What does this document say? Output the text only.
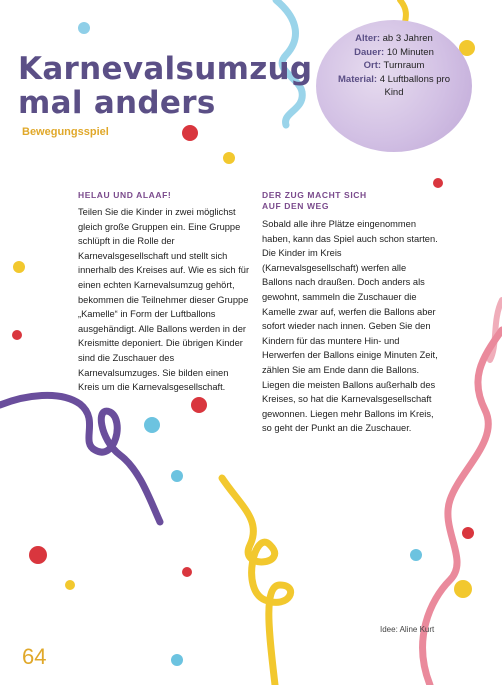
Karnevalsumzug
mal anders
Bewegungsspiel
Alter: ab 3 Jahren
Dauer: 10 Minuten
Ort: Turnraum
Material: 4 Luftballons pro Kind
HELAU UND ALAAF!

Teilen Sie die Kinder in zwei möglichst gleich große Gruppen ein. Eine Gruppe schlüpft in die Rolle der Karnevalsgesellschaft und stellt sich innerhalb des Kreises auf. Wie es sich für einen echten Karnevalsumzug gehört, bekommen die Teilnehmer dieser Gruppe „Kamelle“ in Form der Luftballons ausgehändigt. Alle Ballons werden in der Kreismitte deponiert. Die übrigen Kinder sind die Zuschauer des Karnevalsumzuges. Sie bilden einen Kreis um die Karnevalsgesellschaft.

DER ZUG MACHT SICH
AUF DEN WEG

Sobald alle ihre Plätze eingenommen haben, kann das Spiel auch schon starten. Die Kinder im Kreis (Karnevalsgesellschaft) werfen alle Ballons nach draußen. Doch anders als gewohnt, sammeln die Zuschauer die Kamelle zwar auf, werfen die Ballons aber sofort wieder nach innen. Geben Sie den Kindern für das muntere Hin- und Herwerfen der Ballons einige Minuten Zeit, zählen Sie am Ende dann die Ballons. Liegen die meisten Ballons außerhalb des Kreises, so hat die Karnevalsgesellschaft gewonnen. Liegen mehr Ballons im Kreis, so geht der Punkt an die Zuschauer.

Idee: Aline Kurt
64
